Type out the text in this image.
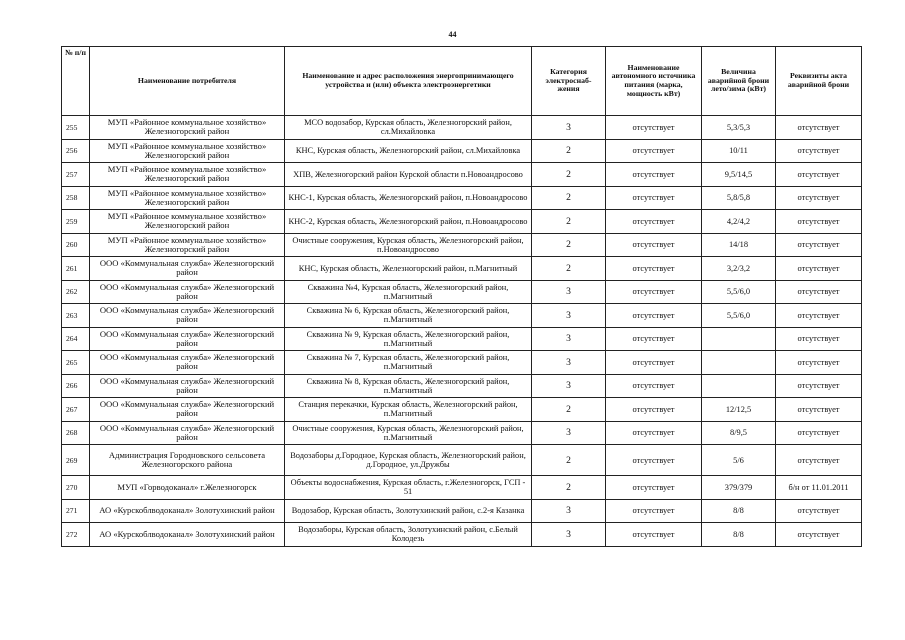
44
№ п/п	Наименование потребителя	Наименование и адрес расположения энергопринимающего устройства и (или) объекта электроэнергетики	Категория электроснаб-жения	Наименование автономного источника питания (марка, мощность кВт)	Величина аварийной брони лето/зима (кВт)	Реквизиты акта аварийной брони
255	МУП «Районное коммунальное хозяйство» Железногорский район	МСО водозабор, Курская область, Железногорский район, сл.Михайловка	3	отсутствует	5,3/5,3	отсутствует
256	МУП «Районное коммунальное хозяйство» Железногорский район	КНС, Курская область, Железногорский район, сл.Михайловка	2	отсутствует	10/11	отсутствует
257	МУП «Районное коммунальное хозяйство» Железногорский район	ХПВ, Железногорский район Курской области п.Новоандросово	2	отсутствует	9,5/14,5	отсутствует
258	МУП «Районное коммунальное хозяйство» Железногорский район	КНС-1, Курская область, Железногорский район, п.Новоандросово	2	отсутствует	5,8/5,8	отсутствует
259	МУП «Районное коммунальное хозяйство» Железногорский район	КНС-2, Курская область, Железногорский район, п.Новоандросово	2	отсутствует	4,2/4,2	отсутствует
260	МУП «Районное коммунальное хозяйство» Железногорский район	Очистные сооружения, Курская область, Железногорский район, п.Новоандросово	2	отсутствует	14/18	отсутствует
261	ООО «Коммунальная служба» Железногорский район	КНС, Курская область, Железногорский район, п.Магнитный	2	отсутствует	3,2/3,2	отсутствует
262	ООО «Коммунальная служба» Железногорский район	Скважина №4, Курская область, Железногорский район, п.Магнитный	3	отсутствует	5,5/6,0	отсутствует
263	ООО «Коммунальная служба» Железногорский район	Скважина № 6, Курская область, Железногорский район, п.Магнитный	3	отсутствует	5,5/6,0	отсутствует
264	ООО «Коммунальная служба» Железногорский район	Скважина № 9, Курская область, Железногорский район, п.Магнитный	3	отсутствует		отсутствует
265	ООО «Коммунальная служба» Железногорский район	Скважина № 7, Курская область, Железногорский район, п.Магнитный	3	отсутствует		отсутствует
266	ООО «Коммунальная служба» Железногорский район	Скважина № 8, Курская область, Железногорский район, п.Магнитный	3	отсутствует		отсутствует
267	ООО «Коммунальная служба» Железногорский район	Станция перекачки, Курская область, Железногорский район, п.Магнитный	2	отсутствует	12/12,5	отсутствует
268	ООО «Коммунальная служба» Железногорский район	Очистные сооружения, Курская область, Железногорский район, п.Магнитный	3	отсутствует	8/9,5	отсутствует
269	Администрация Городновского сельсовета Железногорского района	Водозаборы д.Городное, Курская область, Железногорский район, д.Городное, ул.Дружбы	2	отсутствует	5/6	отсутствует
270	МУП «Горводоканал» г.Железногорск	Объекты водоснабжения, Курская область, г.Железногорск, ГСП - 51	2	отсутствует	379/379	б/н от 11.01.2011
271	АО «Курскоблводоканал» Золотухинский район	Водозабор, Курская область, Золотухинский район, с.2-я Казанка	3	отсутствует	8/8	отсутствует
272	АО «Курскоблводоканал» Золотухинский район	Водозаборы, Курская область, Золотухинский район, с.Белый Колодезь	3	отсутствует	8/8	отсутствует
